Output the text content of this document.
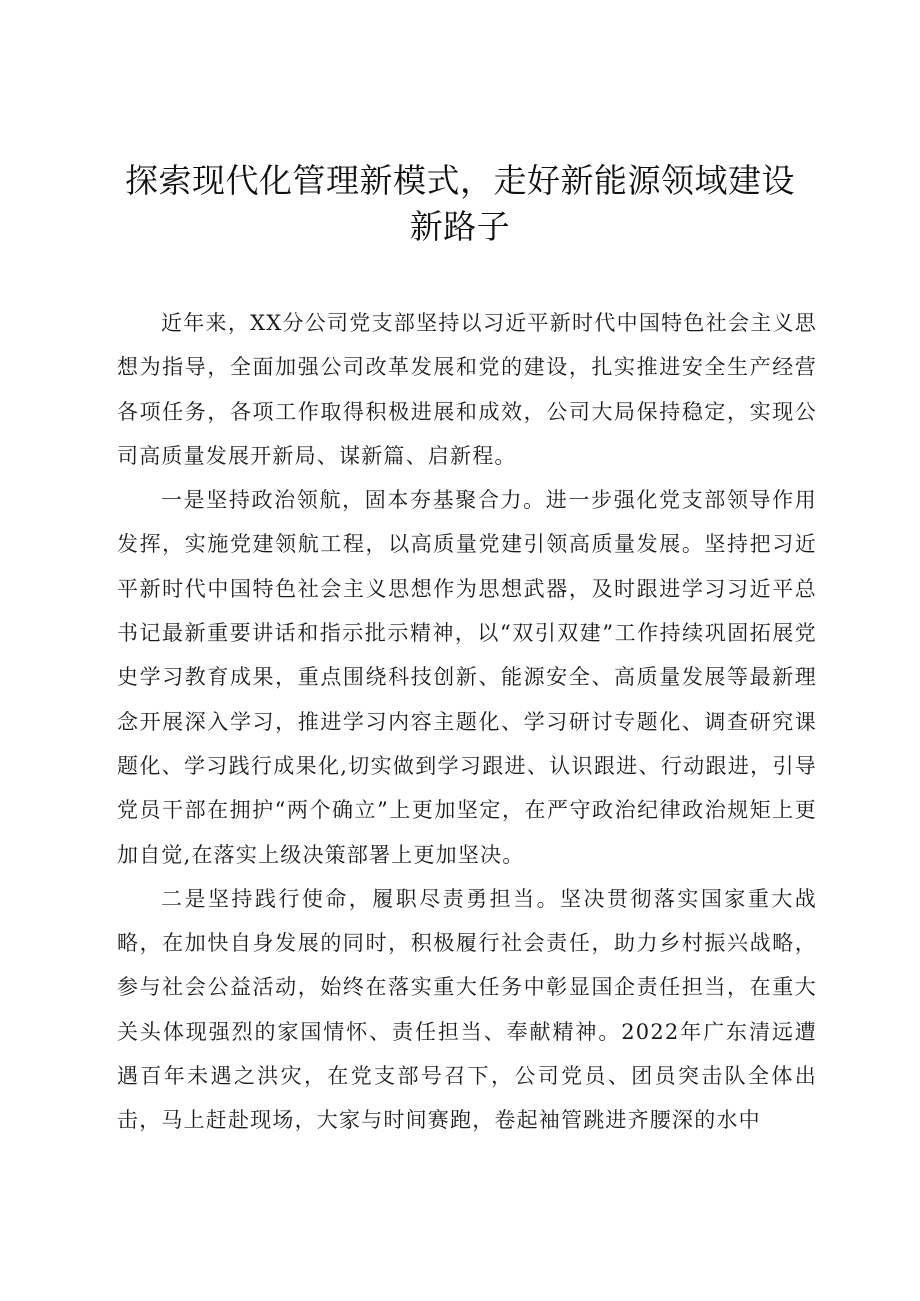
探索现代化管理新模式，走好新能源领域建设
新路子

近年来，XX分公司党支部坚持以习近平新时代中国特色社会主义思想为指导，全面加强公司改革发展和党的建设，扎实推进安全生产经营各项任务，各项工作取得积极进展和成效，公司大局保持稳定，实现公司高质量发展开新局、谋新篇、启新程。

一是坚持政治领航，固本夯基聚合力。进一步强化党支部领导作用发挥，实施党建领航工程，以高质量党建引领高质量发展。坚持把习近平新时代中国特色社会主义思想作为思想武器，及时跟进学习习近平总书记最新重要讲话和指示批示精神，以“双引双建”工作持续巩固拓展党史学习教育成果，重点围绕科技创新、能源安全、高质量发展等最新理念开展深入学习，推进学习内容主题化、学习研讨专题化、调查研究课题化、学习践行成果化,切实做到学习跟进、认识跟进、行动跟进，引导党员干部在拥护“两个确立”上更加坚定，在严守政治纪律政治规矩上更加自觉,在落实上级决策部署上更加坚决。

二是坚持践行使命，履职尽责勇担当。坚决贯彻落实国家重大战略，在加快自身发展的同时，积极履行社会责任，助力乡村振兴战略，参与社会公益活动，始终在落实重大任务中彰显国企责任担当，在重大关头体现强烈的家国情怀、责任担当、奉献精神。2022年广东清远遭遇百年未遇之洪灾，在党支部号召下，公司党员、团员突击队全体出击，马上赶赴现场，大家与时间赛跑，卷起袖管跳进齐腰深的水中
